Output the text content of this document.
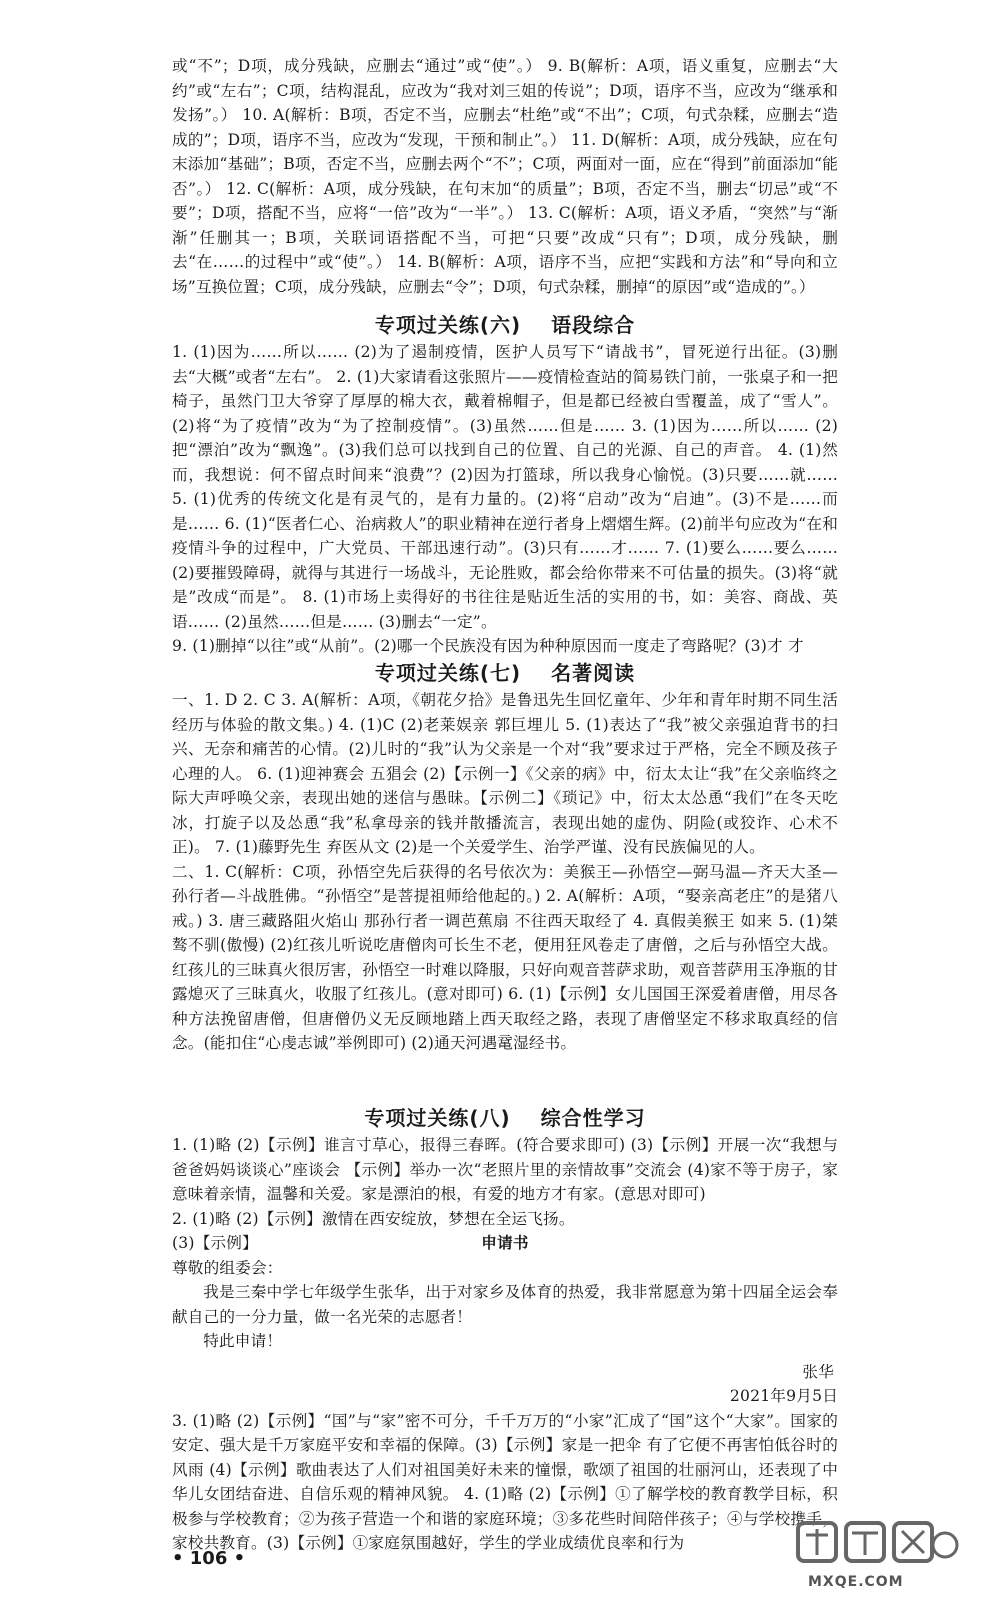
或“不”；D项，成分残缺，应删去“通过”或“使”。） 9. B(解析：A项，语义重复，应删去“大约”或“左右”；C项，结构混乱，应改为“我对刘三姐的传说”；D项，语序不当，应改为“继承和发扬”。） 10. A(解析：B项，否定不当，应删去“杜绝”或“不出”；C项，句式杂糅，应删去“造成的”；D项，语序不当，应改为“发现，干预和制止”。） 11. D(解析：A项，成分残缺，应在句末添加“基础”；B项，否定不当，应删去两个“不”；C项，两面对一面，应在“得到”前面添加“能否”。） 12. C(解析：A项，成分残缺，在句末加“的质量”；B项，否定不当，删去“切忌”或“不要”；D项，搭配不当，应将“一倍”改为“一半”。） 13. C(解析：A项，语义矛盾，“突然”与“渐渐”任删其一；B项，关联词语搭配不当，可把“只要”改成“只有”；D项，成分残缺，删去“在……的过程中”或“使”。） 14. B(解析：A项，语序不当，应把“实践和方法”和“导向和立场”互换位置；C项，成分残缺，应删去“令”；D项，句式杂糅，删掉“的原因”或“造成的”。）

专项过关练(六) 语段综合

1. (1)因为……所以…… (2)为了遏制疫情，医护人员写下“请战书”，冒死逆行出征。(3)删去“大概”或者“左右”。 2. (1)大家请看这张照片——疫情检查站的简易铁门前，一张桌子和一把椅子，虽然门卫大爷穿了厚厚的棉大衣，戴着棉帽子，但是都已经被白雪覆盖，成了“雪人”。(2)将“为了疫情”改为“为了控制疫情”。(3)虽然……但是…… 3. (1)因为……所以…… (2)把“漂泊”改为“飘逸”。(3)我们总可以找到自己的位置、自己的光源、自己的声音。 4. (1)然而，我想说：何不留点时间来“浪费”？(2)因为打篮球，所以我身心愉悦。(3)只要……就…… 5. (1)优秀的传统文化是有灵气的，是有力量的。(2)将“启动”改为“启迪”。(3)不是……而是…… 6. (1)“医者仁心、治病救人”的职业精神在逆行者身上熠熠生辉。(2)前半句应改为“在和疫情斗争的过程中，广大党员、干部迅速行动”。(3)只有……才…… 7. (1)要么……要么…… (2)要摧毁障碍，就得与其进行一场战斗，无论胜败，都会给你带来不可估量的损失。(3)将“就是”改成“而是”。 8. (1)市场上卖得好的书往往是贴近生活的实用的书，如：美容、商战、英语…… (2)虽然……但是…… (3)删去“一定”。

9. (1)删掉“以往”或“从前”。(2)哪一个民族没有因为种种原因而一度走了弯路呢？(3)才 才

专项过关练(七) 名著阅读

一、1. D 2. C 3. A(解析：A项，《朝花夕拾》是鲁迅先生回忆童年、少年和青年时期不同生活经历与体验的散文集。) 4. (1)C (2)老莱娱亲 郭巨埋儿 5. (1)表达了“我”被父亲强迫背书的扫兴、无奈和痛苦的心情。(2)儿时的“我”认为父亲是一个对“我”要求过于严格，完全不顾及孩子心理的人。 6. (1)迎神赛会 五猖会 (2)【示例一】《父亲的病》中，衍太太让“我”在父亲临终之际大声呼唤父亲，表现出她的迷信与愚昧。【示例二】《琐记》中，衍太太怂恿“我们”在冬天吃冰，打旋子以及怂恿“我”私拿母亲的钱并散播流言，表现出她的虚伪、阴险(或狡诈、心术不正)。 7. (1)藤野先生 弃医从文 (2)是一个关爱学生、治学严谨、没有民族偏见的人。

二、1. C(解析：C项，孙悟空先后获得的名号依次为：美猴王—孙悟空—弼马温—齐天大圣—孙行者—斗战胜佛。“孙悟空”是菩提祖师给他起的。) 2. A(解析：A项，“娶亲高老庄”的是猪八戒。) 3. 唐三藏路阻火焰山 那孙行者一调芭蕉扇 不往西天取经了 4. 真假美猴王 如来 5. (1)桀骜不驯(傲慢) (2)红孩儿听说吃唐僧肉可长生不老，便用狂风卷走了唐僧，之后与孙悟空大战。红孩儿的三昧真火很厉害，孙悟空一时难以降服，只好向观音菩萨求助，观音菩萨用玉净瓶的甘露熄灭了三昧真火，收服了红孩儿。(意对即可) 6. (1)【示例】女儿国国王深爱着唐僧，用尽各种方法挽留唐僧，但唐僧仍义无反顾地踏上西天取经之路，表现了唐僧坚定不移求取真经的信念。(能扣住“心虔志诚”举例即可) (2)通天河遇鼋湿经书。

专项过关练(八) 综合性学习

1. (1)略 (2)【示例】谁言寸草心，报得三春晖。(符合要求即可) (3)【示例】开展一次“我想与爸爸妈妈谈谈心”座谈会 【示例】举办一次“老照片里的亲情故事”交流会 (4)家不等于房子，家意味着亲情，温馨和关爱。家是漂泊的根，有爱的地方才有家。(意思对即可)

2. (1)略 (2)【示例】激情在西安绽放，梦想在全运飞扬。

(3)【示例】	申请书

尊敬的组委会：

我是三秦中学七年级学生张华，出于对家乡及体育的热爱，我非常愿意为第十四届全运会奉献自己的一分力量，做一名光荣的志愿者！

特此申请！

张华

2021年9月5日

3. (1)略 (2)【示例】“国”与“家”密不可分，千千万万的“小家”汇成了“国”这个“大家”。国家的安定、强大是千万家庭平安和幸福的保障。(3)【示例】家是一把伞 有了它便不再害怕低谷时的风雨 (4)【示例】歌曲表达了人们对祖国美好未来的憧憬，歌颂了祖国的壮丽河山，还表现了中华儿女团结奋进、自信乐观的精神风貌。 4. (1)略 (2)【示例】①了解学校的教育教学目标，积极参与学校教育；②为孩子营造一个和谐的家庭环境；③多花些时间陪伴孩子；④与学校携手，家校共教育。(3)【示例】①家庭氛围越好，学生的学业成绩优良率和行为

• 106 •
MXQE.COM
